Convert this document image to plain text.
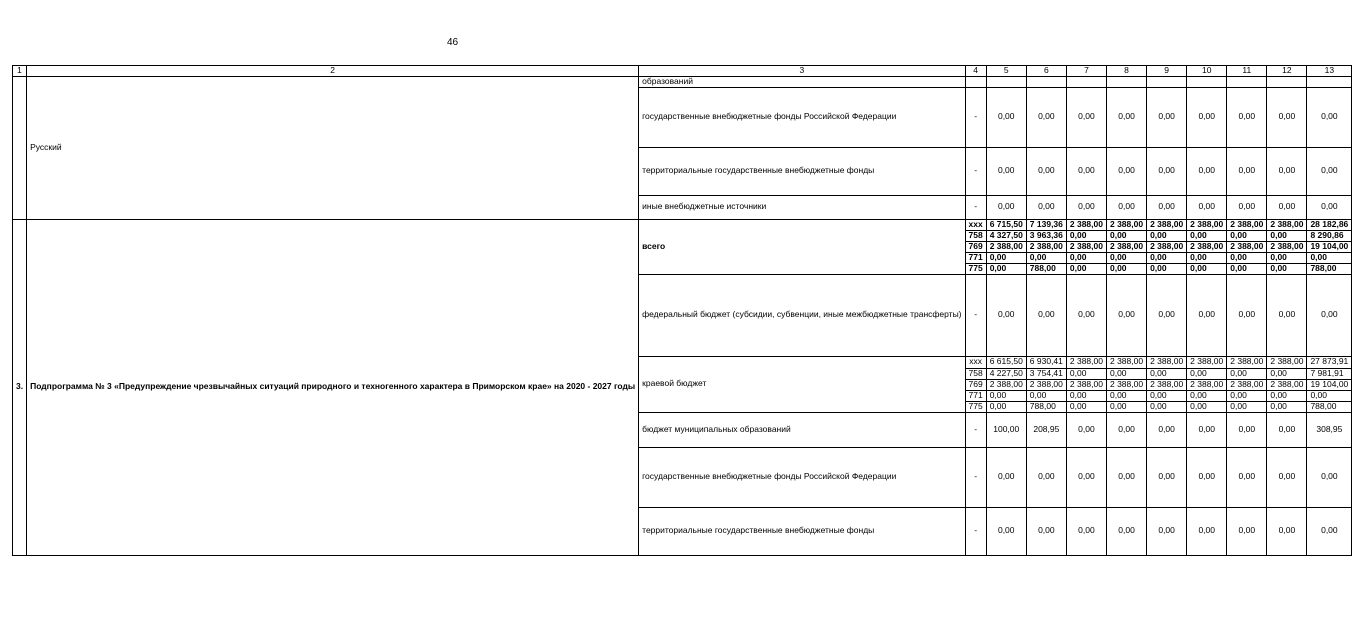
46
1	2	3	4	5	6	7	8	9	10	11	12	13
	Русский	образований										
		государственные внебюджетные фонды Российской Федерации	-	0,00	0,00	0,00	0,00	0,00	0,00	0,00	0,00	0,00
		территориальные государственные внебюджетные фонды	-	0,00	0,00	0,00	0,00	0,00	0,00	0,00	0,00	0,00
		иные внебюджетные источники	-	0,00	0,00	0,00	0,00	0,00	0,00	0,00	0,00	0,00
3.	Подпрограмма № 3 «Предупреждение чрезвычайных ситуаций природного и техногенного характера в Приморском крае» на 2020 - 2027 годы	всего	xxx	6 715,50	7 139,36	2 388,00	2 388,00	2 388,00	2 388,00	2 388,00	2 388,00	28 182,86
			758	4 327,50	3 963,36	0,00	0,00	0,00	0,00	0,00	0,00	8 290,86
			769	2 388,00	2 388,00	2 388,00	2 388,00	2 388,00	2 388,00	2 388,00	2 388,00	19 104,00
			771	0,00	0,00	0,00	0,00	0,00	0,00	0,00	0,00	0,00
			775	0,00	788,00	0,00	0,00	0,00	0,00	0,00	0,00	788,00
		федеральный бюджет (субсидии, субвенции, иные межбюджетные трансферты)	-	0,00	0,00	0,00	0,00	0,00	0,00	0,00	0,00	0,00
		краевой бюджет	xxx	6 615,50	6 930,41	2 388,00	2 388,00	2 388,00	2 388,00	2 388,00	2 388,00	27 873,91
			758	4 227,50	3 754,41	0,00	0,00	0,00	0,00	0,00	0,00	7 981,91
			769	2 388,00	2 388,00	2 388,00	2 388,00	2 388,00	2 388,00	2 388,00	2 388,00	19 104,00
			771	0,00	0,00	0,00	0,00	0,00	0,00	0,00	0,00	0,00
			775	0,00	788,00	0,00	0,00	0,00	0,00	0,00	0,00	788,00
		бюджет муниципальных образований	-	100,00	208,95	0,00	0,00	0,00	0,00	0,00	0,00	308,95
		государственные внебюджетные фонды Российской Федерации	-	0,00	0,00	0,00	0,00	0,00	0,00	0,00	0,00	0,00
		территориальные государственные внебюджетные фонды	-	0,00	0,00	0,00	0,00	0,00	0,00	0,00	0,00	0,00
